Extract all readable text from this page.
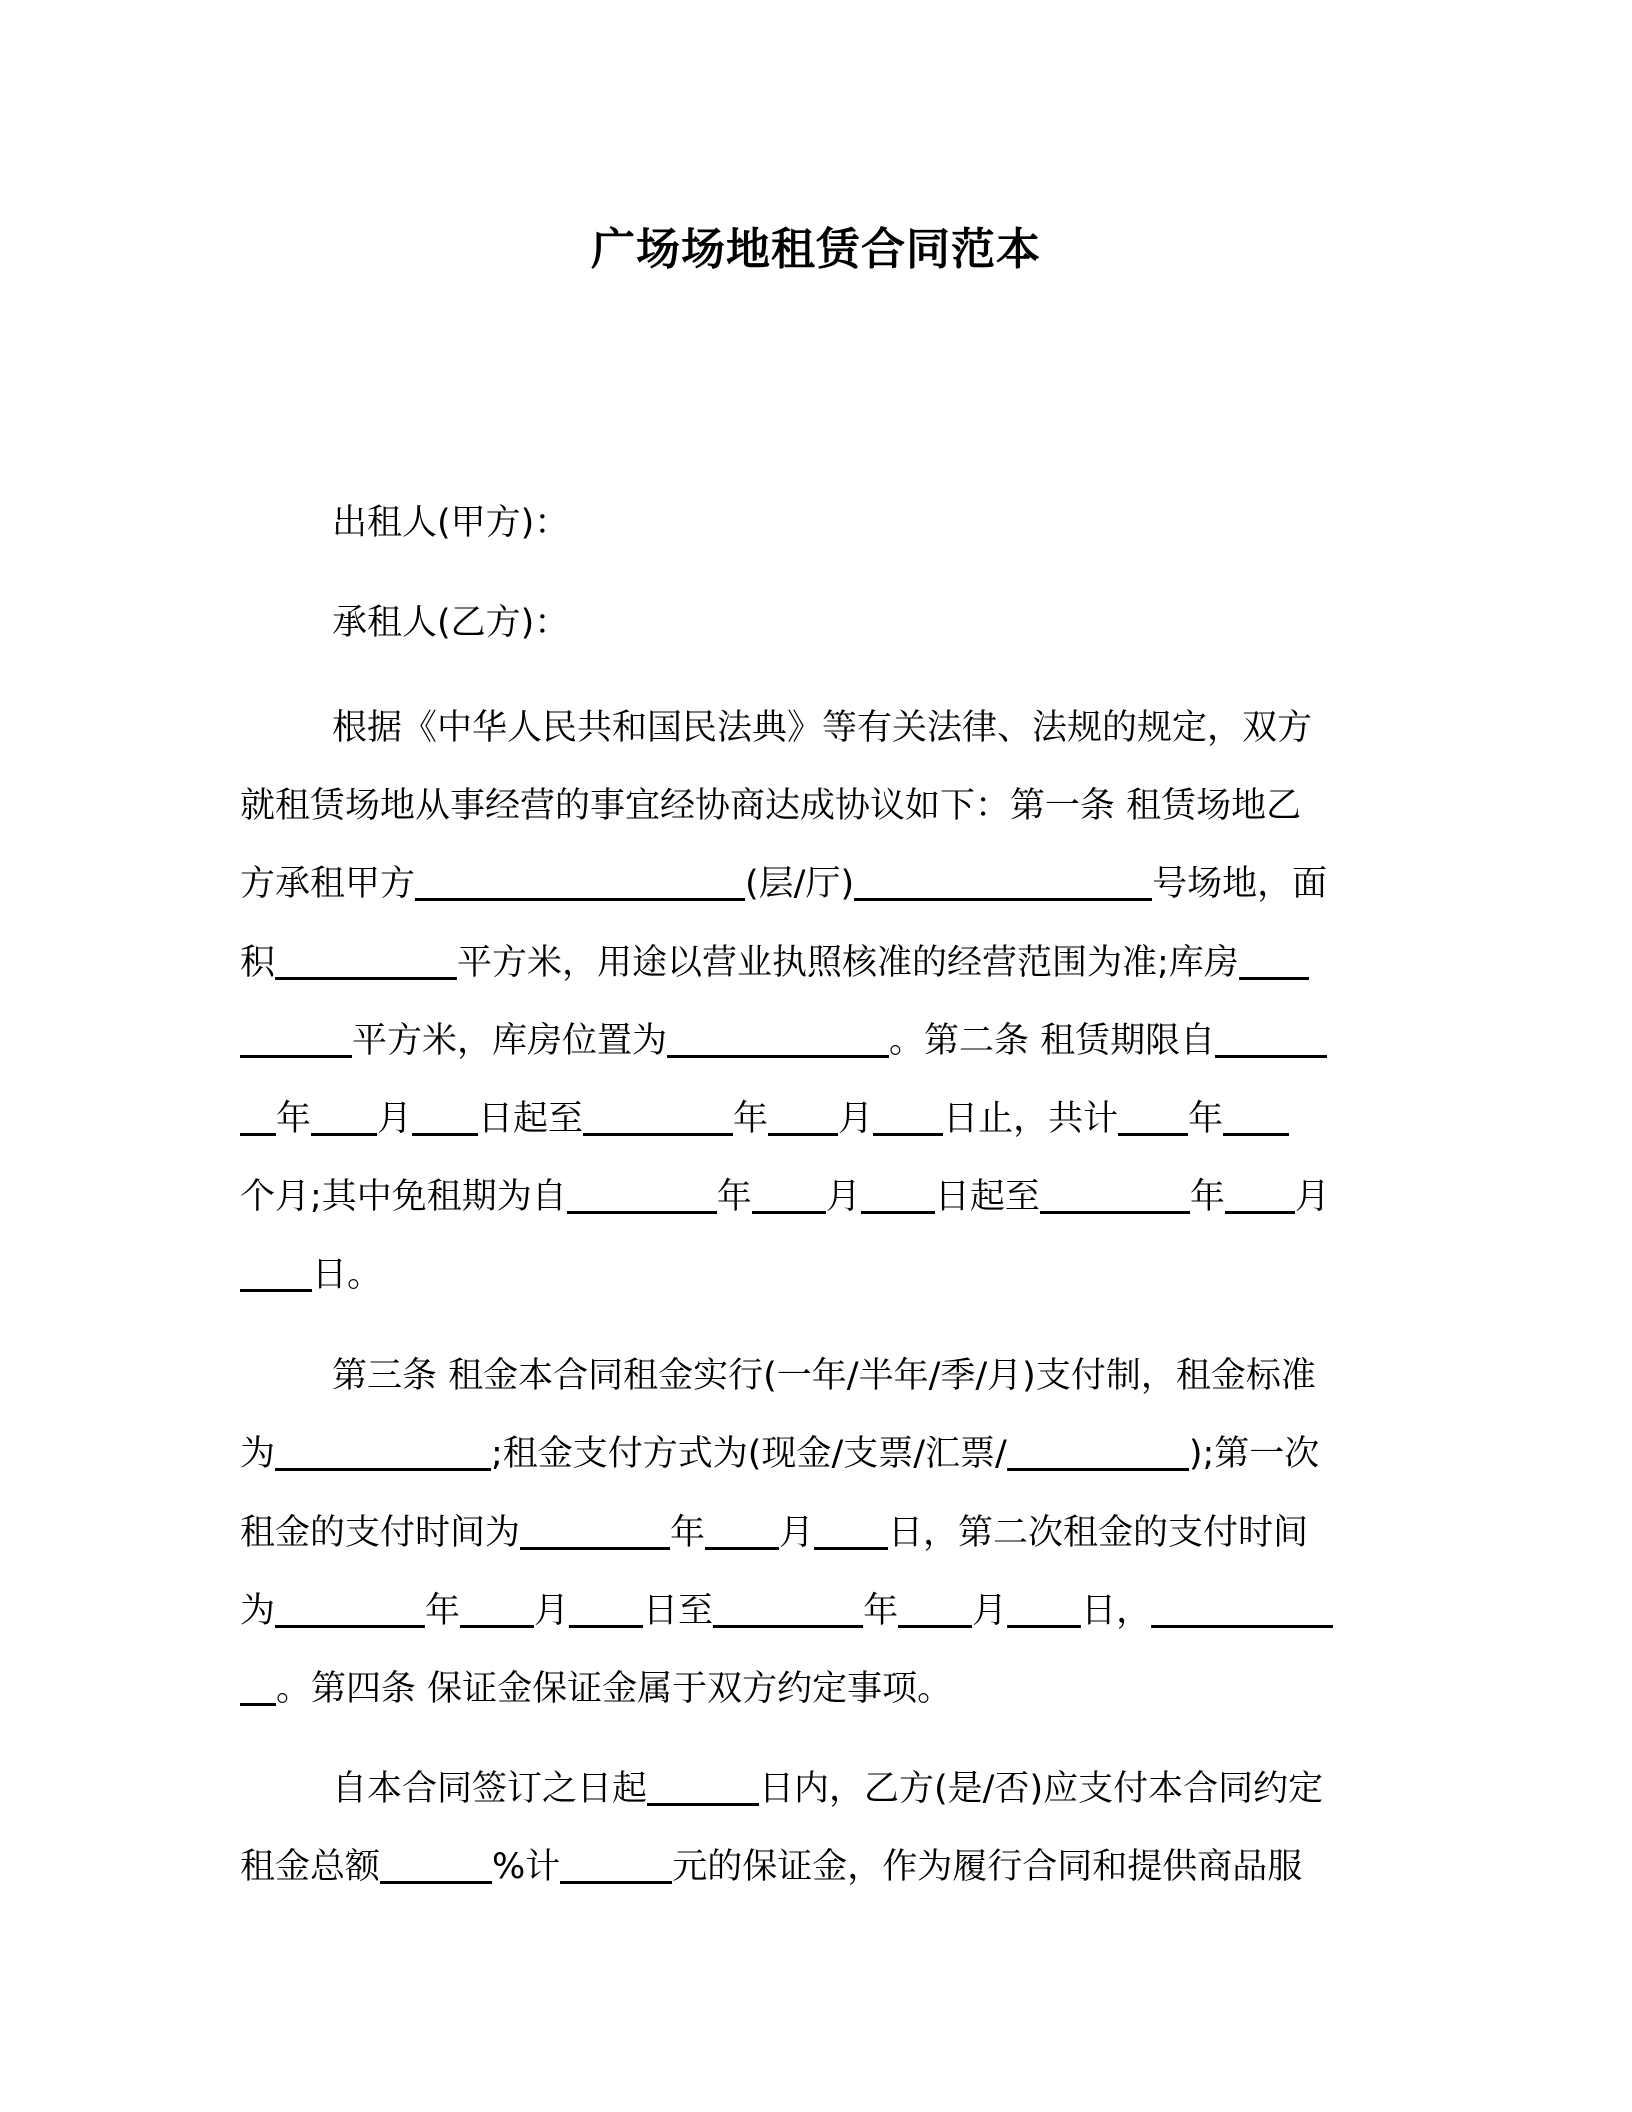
广场场地租赁合同范本
出租人(甲方)：
承租人(乙方)：
根据《中华人民共和国民法典》等有关法律、法规的规定，双方
就租赁场地从事经营的事宜经协商达成协议如下：第一条 租赁场地乙
方承租甲方	(层/厅)	号场地，面
积	平方米，用途以营业执照核准的经营范围为准;库房
平方米，库房位置为	。第二条 租赁期限自
年 月 日起至	年 月 日止，共计 年
个月;其中免租期为自	年 月 日起至	年 月
日。
第三条 租金本合同租金实行(一年/半年/季/月)支付制，租金标准
为	;租金支付方式为(现金/支票/汇票/	);第一次
租金的支付时间为	年 月 日，第二次租金的支付时间
为	年 月 日至	年 月 日，
。第四条 保证金保证金属于双方约定事项。
自本合同签订之日起	日内，乙方(是/否)应支付本合同约定
租金总额	%计	元的保证金，作为履行合同和提供商品服
